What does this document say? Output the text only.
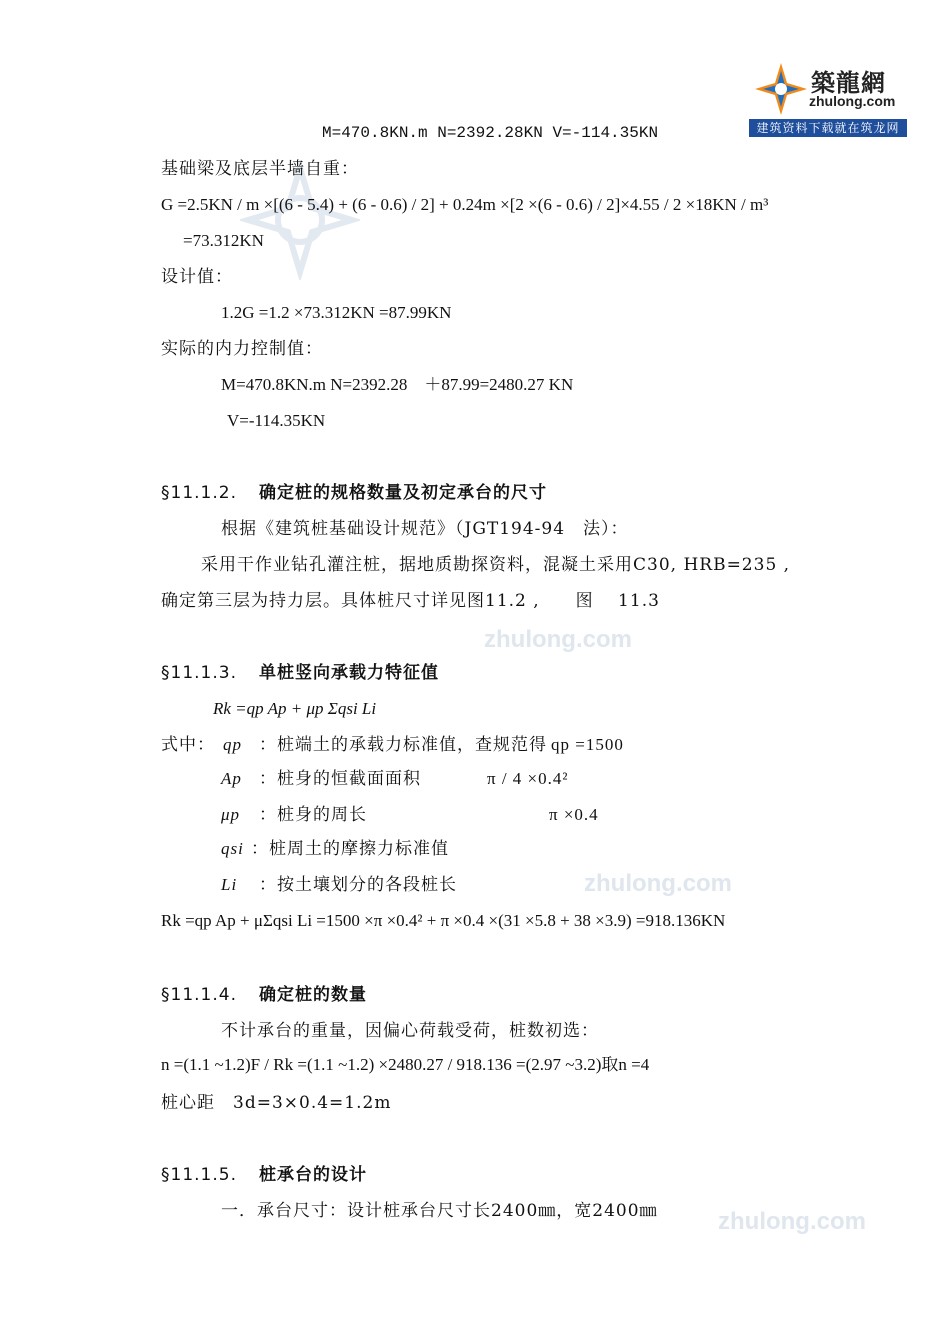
zhulong.com
zhulong.com
zhulong.com
築龍網
zhulong.com
建筑资料下载就在筑龙网
M=470.8KN.m N=2392.28KN V=-114.35KN
基础梁及底层半墙自重：
G =2.5KN / m ×[(6 - 5.4) + (6 - 0.6) / 2] + 0.24m ×[2 ×(6 - 0.6) / 2]×4.55 / 2 ×18KN / m³
=73.312KN
设计值：
1.2G =1.2 ×73.312KN =87.99KN
实际的内力控制值：
M=470.8KN.m N=2392.28　＋87.99=2480.27 KN
V=-114.35KN
§11.1.2. 确定桩的规格数量及初定承台的尺寸
根据《建筑桩基础设计规范》（JGT194-94　法）：
采用干作业钻孔灌注桩，据地质勘探资料，混凝土采用C30, HRB=235 ,
确定第三层为持力层。具体桩尺寸详见图11.2 ,　　图　 11.3
§11.1.3. 单桩竖向承载力特征值
Rk =qp Ap + μp Σqsi Li
式中： qp ：桩端土的承载力标准值，查规范得 qp =1500
Ap ：桩身的恒截面面积	π / 4 ×0.4²
μp ：桩身的周长	π ×0.4
qsi ：桩周土的摩擦力标准值
Li ：按土壤划分的各段桩长
Rk =qp Ap + μΣqsi Li =1500 ×π ×0.4² + π ×0.4 ×(31 ×5.8 + 38 ×3.9) =918.136KN
§11.1.4. 确定桩的数量
不计承台的重量，因偏心荷载受荷，桩数初选：
n =(1.1 ~1.2)F / Rk =(1.1 ~1.2) ×2480.27 / 918.136 =(2.97 ~3.2)取n =4
桩心距　3d=3×0.4=1.2m
§11.1.5. 桩承台的设计
一．承台尺寸：设计桩承台尺寸长2400㎜，宽2400㎜
